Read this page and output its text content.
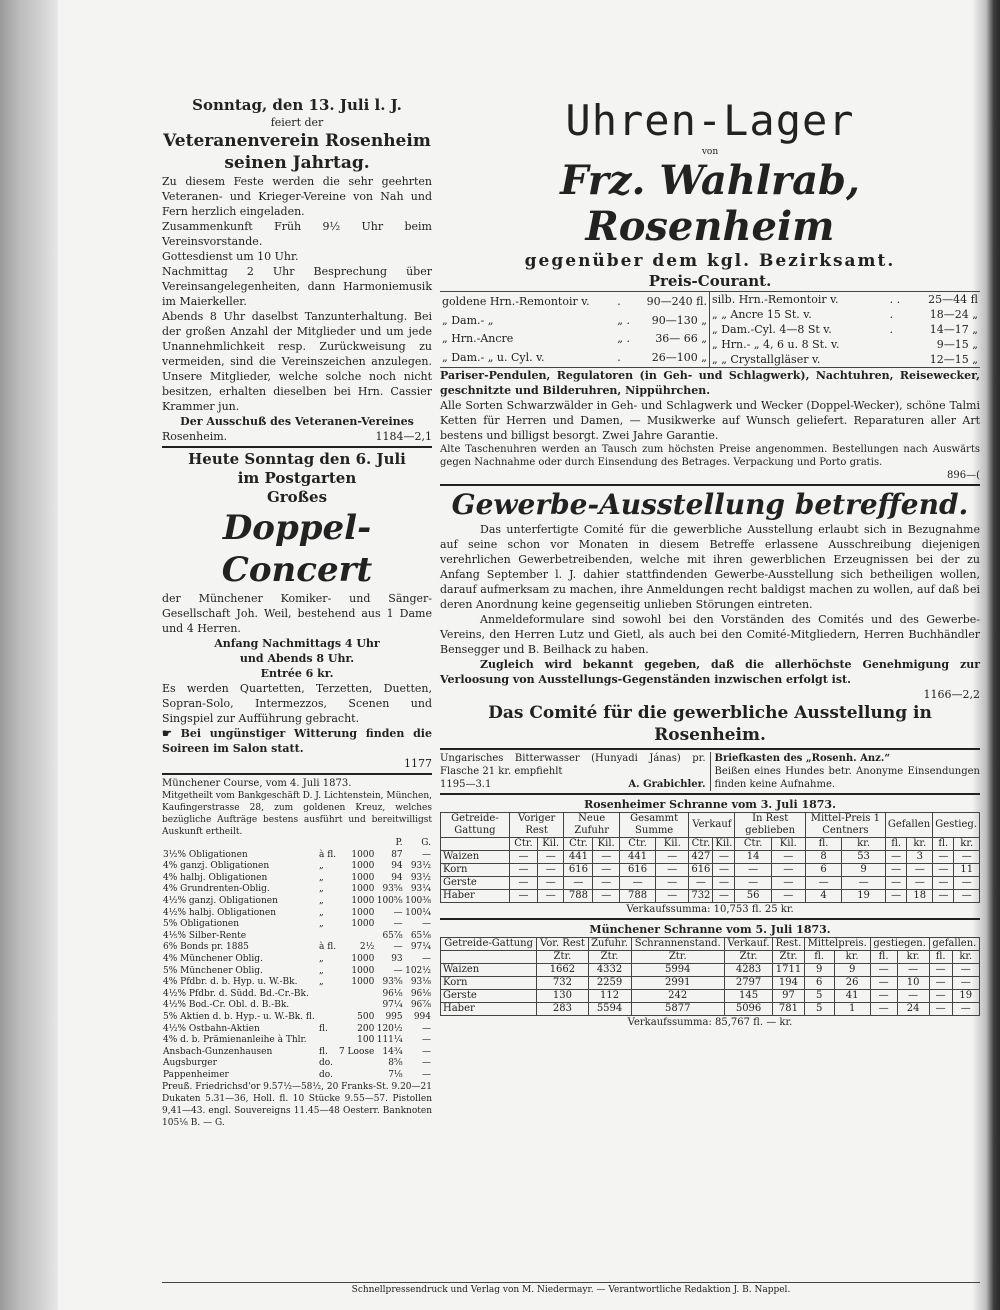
Sonntag, den 13. Juli l. J.

feiert der

Veteranenverein Rosenheim

seinen Jahrtag.

Zu diesem Feste werden die sehr geehrten Veteranen- und Krieger-Vereine von Nah und Fern herzlich eingeladen.

Zusammenkunft Früh 9½ Uhr beim Vereinsvorstande.

Gottesdienst um 10 Uhr.

Nachmittag 2 Uhr Besprechung über Vereinsangelegenheiten, dann Harmoniemusik im Maierkeller.

Abends 8 Uhr daselbst Tanzunterhaltung. Bei der großen Anzahl der Mitglieder und um jede Unannehmlichkeit resp. Zurückweisung zu vermeiden, sind die Vereinszeichen anzulegen. Unsere Mitglieder, welche solche noch nicht besitzen, erhalten dieselben bei Hrn. Cassier Krammer jun.

Der Ausschuß des Veteranen-Vereines

Rosenheim.	1184—2,1

Heute Sonntag den 6. Juli

im Postgarten

Großes

Doppel-Concert

der Münchener Komiker- und Sänger-Gesellschaft Joh. Weil, bestehend aus 1 Dame und 4 Herren.

Anfang Nachmittags 4 Uhr

und Abends 8 Uhr.

Entrée 6 kr.

Es werden Quartetten, Terzetten, Duetten, Sopran-Solo, Intermezzos, Scenen und Singspiel zur Aufführung gebracht.

☛ Bei ungünstiger Witterung finden die Soireen im Salon statt.

1177

Münchener Course, vom 4. Juli 1873.

Mitgetheilt vom Bankgeschäft D. J. Lichtenstein, München, Kaufingerstrasse 28, zum goldenen Kreuz, welches bezügliche Aufträge bestens ausführt und bereitwilligst Auskunft ertheilt.

			P.	G.
3½% Obligationen	à fl.	1000	87	—
4% ganzj. Obligationen	„	1000	94	93½
4% halbj. Obligationen	„	1000	94	93½
4% Grundrenten-Oblig.	„	1000	93⅝	93¼
4½% ganzj. Obligationen	„	1000	100⅝	100⅜
4½% halbj. Obligationen	„	1000	—	100¼
5% Obligationen	„	1000	—	—
4⅕% Silber-Rente			65⅞	65⅛
6% Bonds pr. 1885	à fl.	2½	—	97¼
4% Münchener Oblig.	„	1000	93	—
5% Münchener Oblig.	„	1000	—	102½
4% Pfdbr. d. b. Hyp. u. W.-Bk.	„	1000	93⅝	93⅛
4½% Pfdbr. d. Südd. Bd.-Cr.-Bk.			96⅛	96⅛
4½% Bod.-Cr. Obl. d. B.-Bk.			97¼	96⅞
5% Aktien d. b. Hyp.- u. W.-Bk. fl.		500	995	994
4½% Ostbahn-Aktien	fl.	200	120½	—
4% d. b. Prämienanleihe à Thlr.		100	111¼	—
Ansbach-Gunzenhausen	fl.	7 Loose	14¾	—
Augsburger	do.		8⅝	—
Pappenheimer	do.		7⅛	—

Preuß. Friedrichsd'or 9.57½—58½, 20 Franks-St. 9.20—21 Dukaten 5.31—36, Holl. fl. 10 Stücke 9.55—57. Pistollen 9,41—43. engl. Souvereigns 11.45—48 Oesterr. Banknoten 105⅛ B. — G.

Uhren-Lager

von

Frz. Wahlrab, Rosenheim

gegenüber dem kgl. Bezirksamt.

Preis-Courant.

goldene Hrn.-Remontoir v.	.	90—240 fl.
„ Dam.- „	„ .	90—130 „
„ Hrn.-Ancre	„ .	36— 66 „
„ Dam.- „ u. Cyl. v.	.	26—100 „
silb. Hrn.-Remontoir v.	. .	25—44 fl
„ „ Ancre 15 St. v.	.	18—24 „
„ Dam.-Cyl. 4—8 St v.	.	14—17 „
„ Hrn.- „ 4, 6 u. 8 St. v.		9—15 „
„ „ Crystallgläser v.		12—15 „

Pariser-Pendulen, Regulatoren (in Geh- und Schlagwerk), Nachtuhren, Reisewecker, geschnitzte und Bilderuhren, Nippührchen.

Alle Sorten Schwarzwälder in Geh- und Schlagwerk und Wecker (Doppel-Wecker), schöne Talmi Ketten für Herren und Damen, — Musikwerke auf Wunsch geliefert. Reparaturen aller Art bestens und billigst besorgt. Zwei Jahre Garantie.

Alte Taschenuhren werden an Tausch zum höchsten Preise angenommen. Bestellungen nach Auswärts gegen Nachnahme oder durch Einsendung des Betrages. Verpackung und Porto gratis.

896—(

Gewerbe-Ausstellung betreffend.

Das unterfertigte Comité für die gewerbliche Ausstellung erlaubt sich in Bezugnahme auf seine schon vor Monaten in diesem Betreffe erlassene Ausschreibung diejenigen verehrlichen Gewerbetreibenden, welche mit ihren gewerblichen Erzeugnissen bei der zu Anfang September l. J. dahier stattfindenden Gewerbe-Ausstellung sich betheiligen wollen, darauf aufmerksam zu machen, ihre Anmeldungen recht baldigst machen zu wollen, auf daß bei deren Anordnung keine gegenseitig unlieben Störungen eintreten.

Anmeldeformulare sind sowohl bei den Vorständen des Comités und des Gewerbe-Vereins, den Herren Lutz und Gietl, als auch bei den Comité-Mitgliedern, Herren Buchhändler Bensegger und B. Beilhack zu haben.

Zugleich wird bekannt gegeben, daß die allerhöchste Genehmigung zur Verloosung von Ausstellungs-Gegenständen inzwischen erfolgt ist.

1166—2,2

Das Comité für die gewerbliche Ausstellung in Rosenheim.

Ungarisches Bitterwasser (Hunyadi Jánas) pr. Flasche 21 kr. empfiehlt

1195—3.1	A. Grabichler.

Briefkasten des „Rosenh. Anz.“

Beißen eines Hundes betr. Anonyme Einsendungen finden keine Aufnahme.

Rosenheimer Schranne vom 3. Juli 1873.

Getreide-Gattung	Voriger Rest		Neue Zufuhr		Gesammt Summe		Verkauf		In Rest geblieben		Mittel-Preis 1 Centners		Gefallen		Gestieg.	
	Ctr.	Kil.	Ctr.	Kil.	Ctr.	Kil.	Ctr.	Kil.	Ctr.	Kil.	fl.	kr.	fl.	kr.	fl.	kr.
Waizen	—	—	441	—	441	—	427	—	14	—	8	53	—	3	—	—
Korn	—	—	616	—	616	—	616	—	—	—	6	9	—	—	—	11
Gerste	—	—	—	—	—	—	—	—	—	—	—	—	—	—	—	—
Haber	—	—	788	—	788	—	732	—	56	—	4	19	—	18	—	—

Verkaufssumma: 10,753 fl. 25 kr.

Münchener Schranne vom 5. Juli 1873.

Getreide-Gattung	Vor. Rest	Zufuhr.	Schrannenstand.	Verkauf.	Rest.	Mittelpreis.		gestiegen.		gefallen.	
	Ztr.	Ztr.	Ztr.	Ztr.	Ztr.	fl.	kr.	fl.	kr.	fl.	kr.
Waizen	1662	4332	5994	4283	1711	9	9	—	—	—	—
Korn	732	2259	2991	2797	194	6	26	—	10	—	—
Gerste	130	112	242	145	97	5	41	—	—	—	19
Haber	283	5594	5877	5096	781	5	1	—	24	—	—

Verkaufssumma: 85,767 fl. — kr.

Schnellpressendruck und Verlag von M. Niedermayr. — Verantwortliche Redaktion J. B. Nappel.
